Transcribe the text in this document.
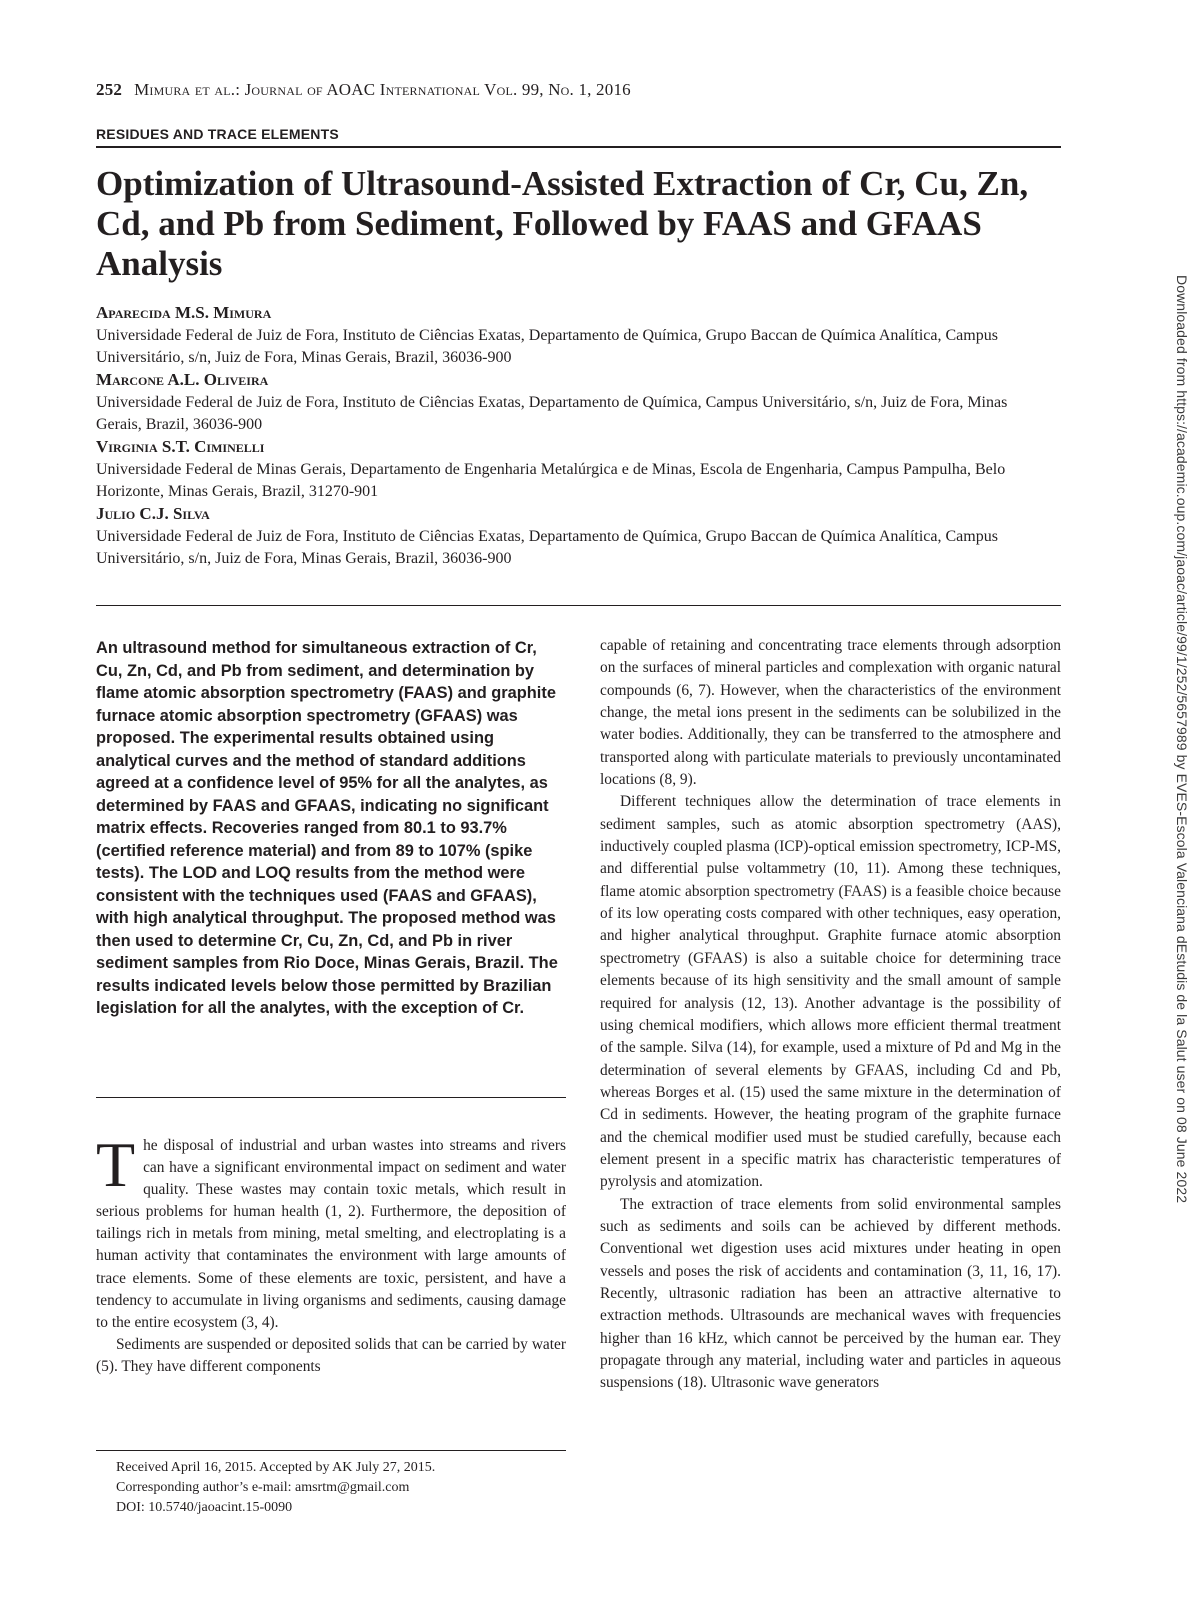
252 Mimura et al.: Journal of AOAC International Vol. 99, No. 1, 2016
RESIDUES AND TRACE ELEMENTS
Optimization of Ultrasound-Assisted Extraction of Cr, Cu, Zn, Cd, and Pb from Sediment, Followed by FAAS and GFAAS Analysis
Aparecida M.S. Mimura
Universidade Federal de Juiz de Fora, Instituto de Ciências Exatas, Departamento de Química, Grupo Baccan de Química Analítica, Campus Universitário, s/n, Juiz de Fora, Minas Gerais, Brazil, 36036-900
Marcone A.L. Oliveira
Universidade Federal de Juiz de Fora, Instituto de Ciências Exatas, Departamento de Química, Campus Universitário, s/n, Juiz de Fora, Minas Gerais, Brazil, 36036-900
Virginia S.T. Ciminelli
Universidade Federal de Minas Gerais, Departamento de Engenharia Metalúrgica e de Minas, Escola de Engenharia, Campus Pampulha, Belo Horizonte, Minas Gerais, Brazil, 31270-901
Julio C.J. Silva
Universidade Federal de Juiz de Fora, Instituto de Ciências Exatas, Departamento de Química, Grupo Baccan de Química Analítica, Campus Universitário, s/n, Juiz de Fora, Minas Gerais, Brazil, 36036-900

An ultrasound method for simultaneous extraction of Cr, Cu, Zn, Cd, and Pb from sediment, and determination by flame atomic absorption spectrometry (FAAS) and graphite furnace atomic absorption spectrometry (GFAAS) was proposed. The experimental results obtained using analytical curves and the method of standard additions agreed at a confidence level of 95% for all the analytes, as determined by FAAS and GFAAS, indicating no significant matrix effects. Recoveries ranged from 80.1 to 93.7% (certified reference material) and from 89 to 107% (spike tests). The LOD and LOQ results from the method were consistent with the techniques used (FAAS and GFAAS), with high analytical throughput. The proposed method was then used to determine Cr, Cu, Zn, Cd, and Pb in river sediment samples from Rio Doce, Minas Gerais, Brazil. The results indicated levels below those permitted by Brazilian legislation for all the analytes, with the exception of Cr.

The disposal of industrial and urban wastes into streams and rivers can have a significant environmental impact on sediment and water quality. These wastes may contain toxic metals, which result in serious problems for human health (1, 2). Furthermore, the deposition of tailings rich in metals from mining, metal smelting, and electroplating is a human activity that contaminates the environment with large amounts of trace elements. Some of these elements are toxic, persistent, and have a tendency to accumulate in living organisms and sediments, causing damage to the entire ecosystem (3, 4).

Sediments are suspended or deposited solids that can be carried by water (5). They have different components

Received April 16, 2015. Accepted by AK July 27, 2015.
Corresponding author’s e-mail: amsrtm@gmail.com
DOI: 10.5740/jaoacint.15-0090

capable of retaining and concentrating trace elements through adsorption on the surfaces of mineral particles and complexation with organic natural compounds (6, 7). However, when the characteristics of the environment change, the metal ions present in the sediments can be solubilized in the water bodies. Additionally, they can be transferred to the atmosphere and transported along with particulate materials to previously uncontaminated locations (8, 9).

Different techniques allow the determination of trace elements in sediment samples, such as atomic absorption spectrometry (AAS), inductively coupled plasma (ICP)-optical emission spectrometry, ICP-MS, and differential pulse voltammetry (10, 11). Among these techniques, flame atomic absorption spectrometry (FAAS) is a feasible choice because of its low operating costs compared with other techniques, easy operation, and higher analytical throughput. Graphite furnace atomic absorption spectrometry (GFAAS) is also a suitable choice for determining trace elements because of its high sensitivity and the small amount of sample required for analysis (12, 13). Another advantage is the possibility of using chemical modifiers, which allows more efficient thermal treatment of the sample. Silva (14), for example, used a mixture of Pd and Mg in the determination of several elements by GFAAS, including Cd and Pb, whereas Borges et al. (15) used the same mixture in the determination of Cd in sediments. However, the heating program of the graphite furnace and the chemical modifier used must be studied carefully, because each element present in a specific matrix has characteristic temperatures of pyrolysis and atomization.

The extraction of trace elements from solid environmental samples such as sediments and soils can be achieved by different methods. Conventional wet digestion uses acid mixtures under heating in open vessels and poses the risk of accidents and contamination (3, 11, 16, 17). Recently, ultrasonic radiation has been an attractive alternative to extraction methods. Ultrasounds are mechanical waves with frequencies higher than 16 kHz, which cannot be perceived by the human ear. They propagate through any material, including water and particles in aqueous suspensions (18). Ultrasonic wave generators

Downloaded from https://academic.oup.com/jaoac/article/99/1/252/5657989 by EVES-Escola Valenciana dEstudis de la Salut user on 08 June 2022
